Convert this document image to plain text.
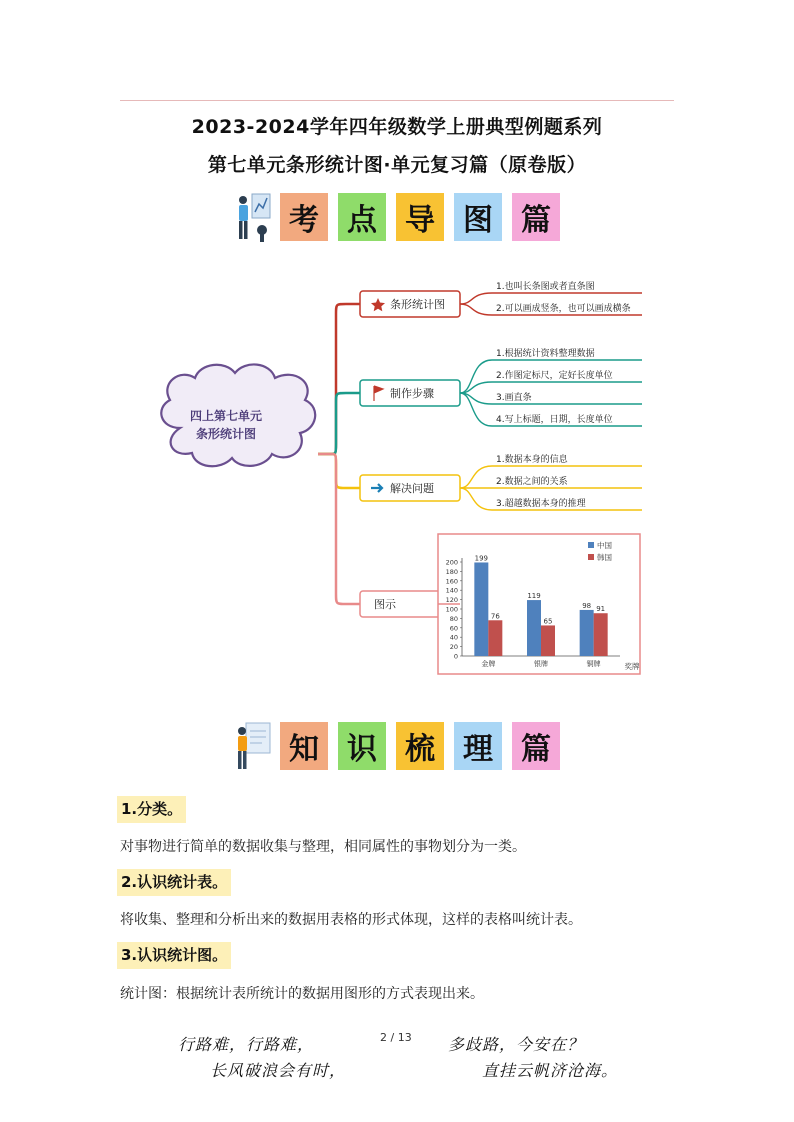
2023-2024学年四年级数学上册典型例题系列
第七单元条形统计图·单元复习篇（原卷版）
考 点 导 图 篇
四上第七单元
条形统计图
条形统计图
1.也叫长条图或者直条图
2.可以画成竖条，也可以画成横条
制作步骤
1.根据统计资料整理数据
2.作图定标尺，定好长度单位
3.画直条
4.写上标题，日期，长度单位
解决问题
1.数据本身的信息
2.数据之间的关系
3.超越数据本身的推理
图示
0
20
40
60
80
100
120
140
160
180
200
199
76
金牌
119
65
银牌
98 91
铜牌	奖牌
中国
韩国
知 识 梳 理 篇
1.分类。
对事物进行简单的数据收集与整理，相同属性的事物划分为一类。
2.认识统计表。
将收集、整理和分析出来的数据用表格的形式体现，这样的表格叫统计表。
3.认识统计图。
统计图：根据统计表所统计的数据用图形的方式表现出来。
2 / 13
行路难，行路难，	多歧路，今安在？
长风破浪会有时，	直挂云帆济沧海。
